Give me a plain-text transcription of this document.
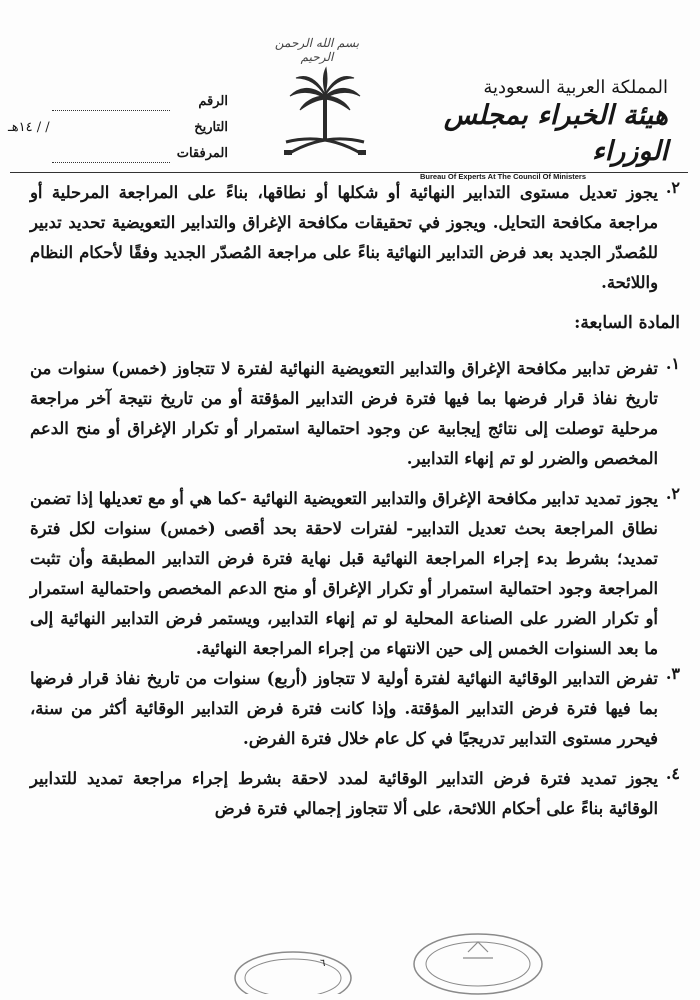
بسم الله الرحمن الرحيم
الرقم
التاريخ
/ / ١٤هـ
المرفقات
المملكة العربية السعودية
هيئة الخبراء بمجلس الوزراء
Bureau Of Experts At The Council Of Ministers
٢.

يجوز تعديل مستوى التدابير النهائية أو شكلها أو نطاقها، بناءً على المراجعة المرحلية أو مراجعة مكافحة التحايل. ويجوز في تحقيقات مكافحة الإغراق والتدابير التعويضية تحديد تدبير للمُصدّر الجديد بعد فرض التدابير النهائية بناءً على مراجعة المُصدّر الجديد وفقًا لأحكام النظام واللائحة.

المادة السابعة:
١.

تفرض تدابير مكافحة الإغراق والتدابير التعويضية النهائية لفترة لا تتجاوز (خمس) سنوات من تاريخ نفاذ قرار فرضها بما فيها فترة فرض التدابير المؤقتة أو من تاريخ نتيجة آخر مراجعة مرحلية توصلت إلى نتائج إيجابية عن وجود احتمالية استمرار أو تكرار الإغراق أو منح الدعم المخصص والضرر لو تم إنهاء التدابير.

٢.

يجوز تمديد تدابير مكافحة الإغراق والتدابير التعويضية النهائية -كما هي أو مع تعديلها إذا تضمن نطاق المراجعة بحث تعديل التدابير- لفترات لاحقة بحد أقصى (خمس) سنوات لكل فترة تمديد؛ بشرط بدء إجراء المراجعة النهائية قبل نهاية فترة فرض التدابير المطبقة وأن تثبت المراجعة وجود احتمالية استمرار أو تكرار الإغراق أو منح الدعم المخصص واحتمالية استمرار أو تكرار الضرر على الصناعة المحلية لو تم إنهاء التدابير، ويستمر فرض التدابير النهائية إلى ما بعد السنوات الخمس إلى حين الانتهاء من إجراء المراجعة النهائية.

٣.

تفرض التدابير الوقائية النهائية لفترة أولية لا تتجاوز (أربع) سنوات من تاريخ نفاذ قرار فرضها بما فيها فترة فرض التدابير المؤقتة. وإذا كانت فترة فرض التدابير الوقائية أكثر من سنة، فيحرر مستوى التدابير تدريجيًا في كل عام خلال فترة الفرض.

٤.

يجوز تمديد فترة فرض التدابير الوقائية لمدد لاحقة بشرط إجراء مراجعة تمديد للتدابير الوقائية بناءً على أحكام اللائحة، على ألا تتجاوز إجمالي فترة فرض

٦
